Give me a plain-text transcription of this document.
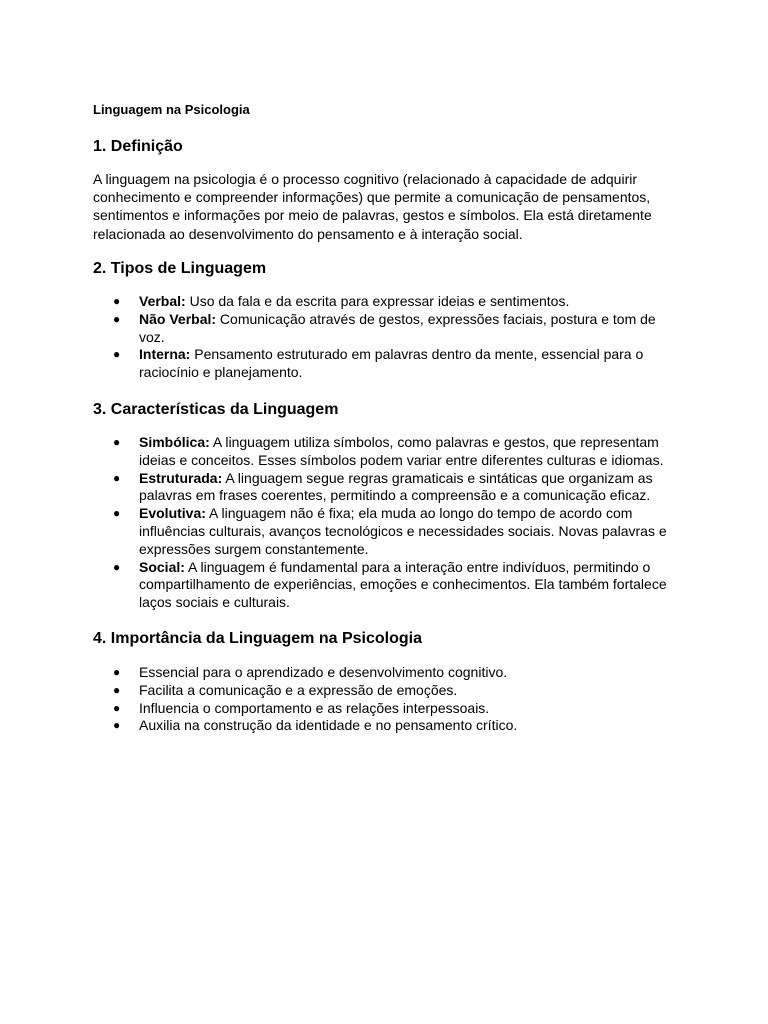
Linguagem na Psicologia
1. Definição

A linguagem na psicologia é o processo cognitivo (relacionado à capacidade de adquirir conhecimento e compreender informações) que permite a comunicação de pensamentos, sentimentos e informações por meio de palavras, gestos e símbolos. Ela está diretamente relacionada ao desenvolvimento do pensamento e à interação social.

2. Tipos de Linguagem
● Verbal: Uso da fala e da escrita para expressar ideias e sentimentos.
● Não Verbal: Comunicação através de gestos, expressões faciais, postura e tom de voz.
● Interna: Pensamento estruturado em palavras dentro da mente, essencial para o raciocínio e planejamento.
3. Características da Linguagem
● Simbólica: A linguagem utiliza símbolos, como palavras e gestos, que representam ideias e conceitos. Esses símbolos podem variar entre diferentes culturas e idiomas.
● Estruturada: A linguagem segue regras gramaticais e sintáticas que organizam as palavras em frases coerentes, permitindo a compreensão e a comunicação eficaz.
● Evolutiva: A linguagem não é fixa; ela muda ao longo do tempo de acordo com influências culturais, avanços tecnológicos e necessidades sociais. Novas palavras e expressões surgem constantemente.
● Social: A linguagem é fundamental para a interação entre indivíduos, permitindo o compartilhamento de experiências, emoções e conhecimentos. Ela também fortalece laços sociais e culturais.
4. Importância da Linguagem na Psicologia
● Essencial para o aprendizado e desenvolvimento cognitivo.
● Facilita a comunicação e a expressão de emoções.
● Influencia o comportamento e as relações interpessoais.
● Auxilia na construção da identidade e no pensamento crítico.
